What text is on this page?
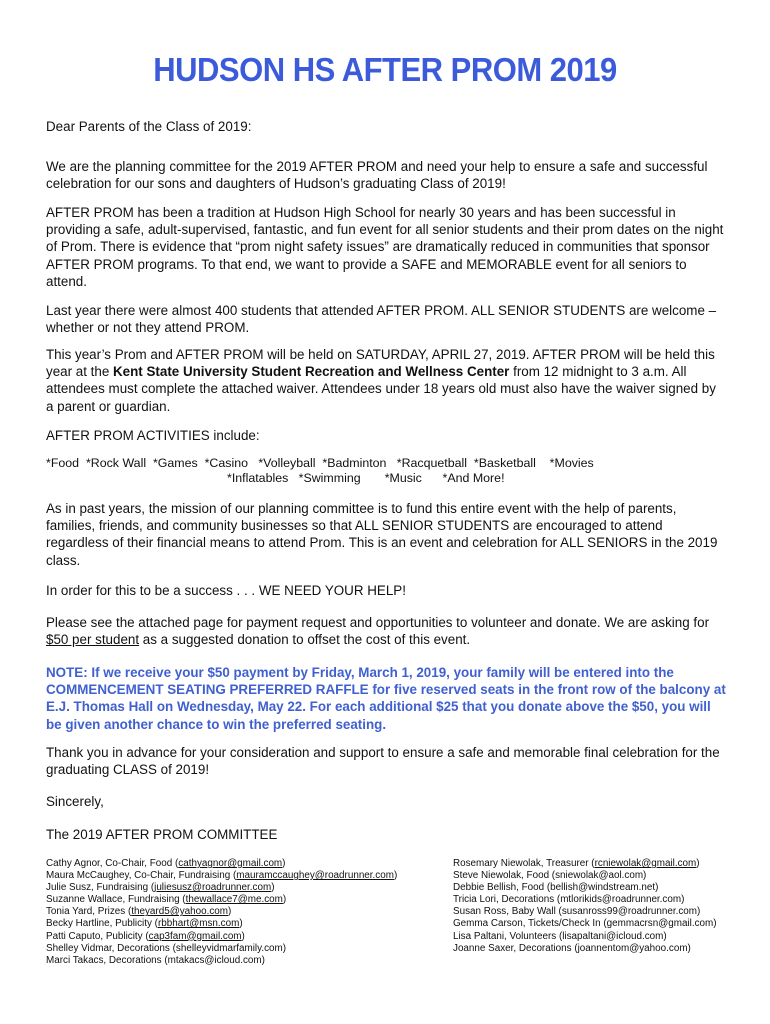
HUDSON HS AFTER PROM 2019

Dear Parents of the Class of 2019:

We are the planning committee for the 2019 AFTER PROM and need your help to ensure a safe and successful celebration for our sons and daughters of Hudson’s graduating Class of 2019!

AFTER PROM has been a tradition at Hudson High School for nearly 30 years and has been successful in providing a safe, adult-supervised, fantastic, and fun event for all senior students and their prom dates on the night of Prom. There is evidence that “prom night safety issues” are dramatically reduced in communities that sponsor AFTER PROM programs. To that end, we want to provide a SAFE and MEMORABLE event for all seniors to attend.

Last year there were almost 400 students that attended AFTER PROM. ALL SENIOR STUDENTS are welcome – whether or not they attend PROM.

This year’s Prom and AFTER PROM will be held on SATURDAY, APRIL 27, 2019. AFTER PROM will be held this year at the Kent State University Student Recreation and Wellness Center from 12 midnight to 3 a.m. All attendees must complete the attached waiver. Attendees under 18 years old must also have the waiver signed by a parent or guardian.

AFTER PROM ACTIVITIES include:

*Food  *Rock Wall  *Games  *Casino   *Volleyball  *Badminton   *Racquetball  *Basketball    *Movies
*Inflatables   *Swimming       *Music      *And More!

As in past years, the mission of our planning committee is to fund this entire event with the help of parents, families, friends, and community businesses so that ALL SENIOR STUDENTS are encouraged to attend regardless of their financial means to attend Prom. This is an event and celebration for ALL SENIORS in the 2019 class.

In order for this to be a success . . . WE NEED YOUR HELP!

Please see the attached page for payment request and opportunities to volunteer and donate. We are asking for $50 per student as a suggested donation to offset the cost of this event.

NOTE: If we receive your $50 payment by Friday, March 1, 2019, your family will be entered into the COMMENCEMENT SEATING PREFERRED RAFFLE for five reserved seats in the front row of the balcony at E.J. Thomas Hall on Wednesday, May 22. For each additional $25 that you donate above the $50, you will be given another chance to win the preferred seating.

Thank you in advance for your consideration and support to ensure a safe and memorable final celebration for the graduating CLASS of 2019!

Sincerely,

The 2019 AFTER PROM COMMITTEE

Cathy Agnor, Co-Chair, Food (cathyagnor@gmail.com)
Maura McCaughey, Co-Chair, Fundraising (mauramccaughey@roadrunner.com)
Julie Susz, Fundraising (juliesusz@roadrunner.com)
Suzanne Wallace, Fundraising (thewallace7@me.com)
Tonia Yard, Prizes (theyard5@yahoo.com)
Becky Hartline, Publicity (rbbhart@msn.com)
Patti Caputo, Publicity (cap3fam@gmail.com)
Shelley Vidmar, Decorations (shelleyvidmarfamily.com)
Marci Takacs, Decorations (mtakacs@icloud.com)
Rosemary Niewolak, Treasurer (rcniewolak@gmail.com)
Steve Niewolak, Food (sniewolak@aol.com)
Debbie Bellish, Food (bellish@windstream.net)
Tricia Lori, Decorations (mtlorikids@roadrunner.com)
Susan Ross, Baby Wall (susanross99@roadrunner.com)
Gemma Carson, Tickets/Check In (gemmacrsn@gmail.com)
Lisa Paltani, Volunteers (lisapaltani@icloud.com)
Joanne Saxer, Decorations (joannentom@yahoo.com)
